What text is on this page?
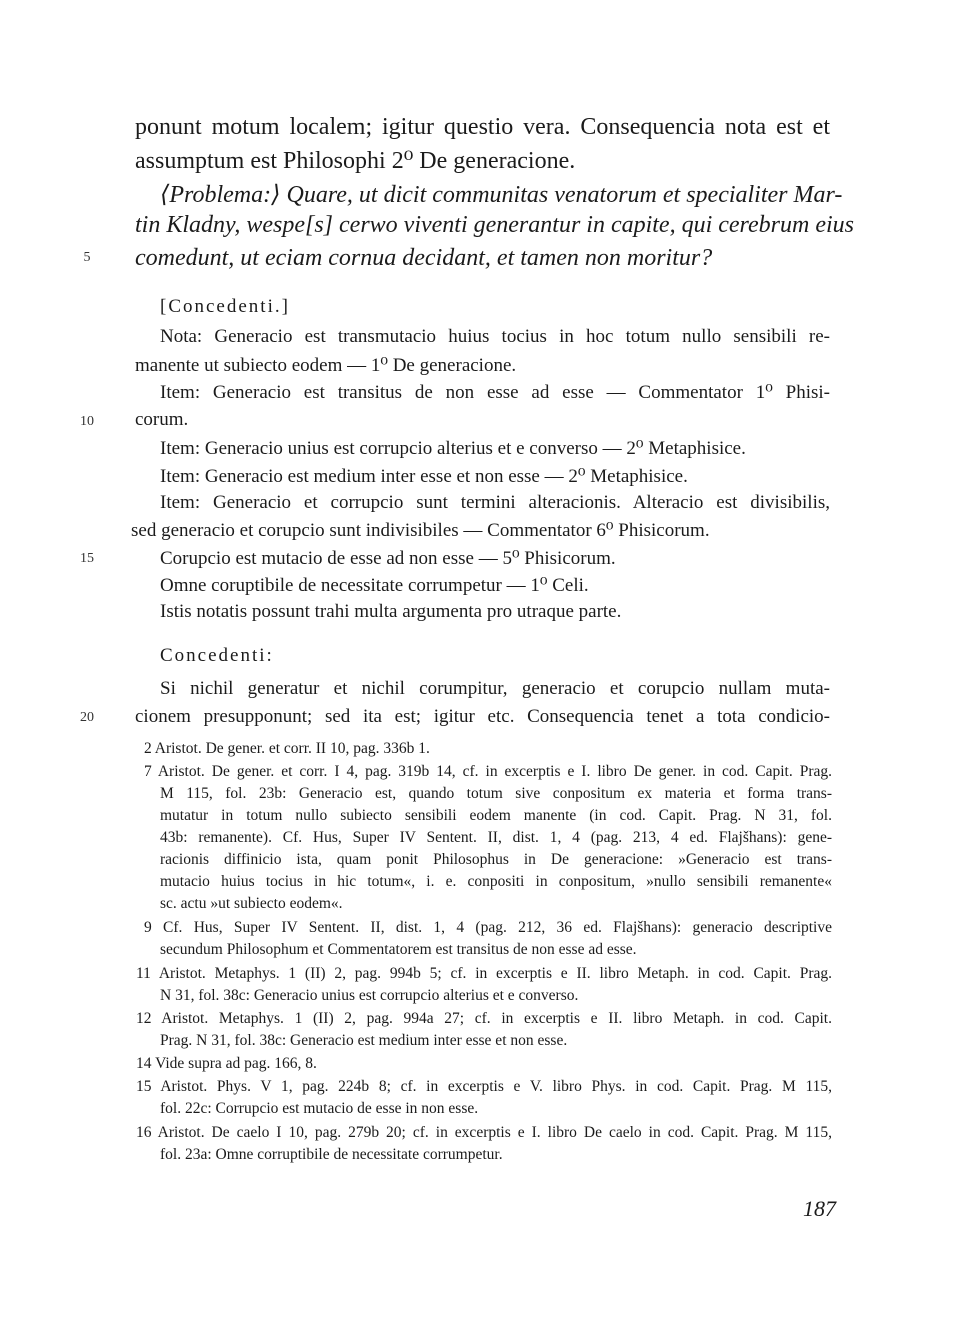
ponunt motum localem; igitur questio vera. Consequencia nota est et
assumptum est Philosophi 2⁰ De generacione.
⟨Problema:⟩ Quare, ut dicit communitas venatorum et specialiter Mar-
tin Kladny, wespe[s] cerwo viventi generantur in capite, qui cerebrum eius
comedunt, ut eciam cornua decidant, et tamen non moritur?
[Concedenti.]
Nota: Generacio est transmutacio huius tocius in hoc totum nullo sensibili re-
manente ut subiecto eodem — 1⁰ De generacione.
Item: Generacio est transitus de non esse ad esse — Commentator 1⁰ Phisi-
corum.
Item: Generacio unius est corrupcio alterius et e converso — 2⁰ Metaphisice.
Item: Generacio est medium inter esse et non esse — 2⁰ Metaphisice.
Item: Generacio et corrupcio sunt termini alteracionis. Alteracio est divisibilis,
sed generacio et corupcio sunt indivisibiles — Commentator 6⁰ Phisicorum.
Corupcio est mutacio de esse ad non esse — 5⁰ Phisicorum.
Omne coruptibile de necessitate corrumpetur — 1⁰ Celi.
Istis notatis possunt trahi multa argumenta pro utraque parte.
Concedenti:
Si nichil generatur et nichil corumpitur, generacio et corupcio nullam muta-
cionem presupponunt; sed ita est; igitur etc. Consequencia tenet a tota condicio-
5
10
15
20
2 Aristot. De gener. et corr. II 10, pag. 336b 1.
7 Aristot. De gener. et corr. I 4, pag. 319b 14, cf. in excerptis e I. libro De gener. in cod. Capit. Prag.
M 115, fol. 23b: Generacio est, quando totum sive conpositum ex materia et forma trans-
mutatur in totum nullo subiecto sensibili eodem manente (in cod. Capit. Prag. N 31, fol.
43b: remanente). Cf. Hus, Super IV Sentent. II, dist. 1, 4 (pag. 213, 4 ed. Flajšhans): gene-
racionis diffinicio ista, quam ponit Philosophus in De generacione: »Generacio est trans-
mutacio huius tocius in hic totum«, i. e. conpositi in conpositum, »nullo sensibili remanente«
sc. actu »ut subiecto eodem«.
9 Cf. Hus, Super IV Sentent. II, dist. 1, 4 (pag. 212, 36 ed. Flajšhans): generacio descriptive
secundum Philosophum et Commentatorem est transitus de non esse ad esse.
11 Aristot. Metaphys. 1 (II) 2, pag. 994b 5; cf. in excerptis e II. libro Metaph. in cod. Capit. Prag.
N 31, fol. 38c: Generacio unius est corrupcio alterius et e converso.
12 Aristot. Metaphys. 1 (II) 2, pag. 994a 27; cf. in excerptis e II. libro Metaph. in cod. Capit.
Prag. N 31, fol. 38c: Generacio est medium inter esse et non esse.
14 Vide supra ad pag. 166, 8.
15 Aristot. Phys. V 1, pag. 224b 8; cf. in excerptis e V. libro Phys. in cod. Capit. Prag. M 115,
fol. 22c: Corrupcio est mutacio de esse in non esse.
16 Aristot. De caelo I 10, pag. 279b 20; cf. in excerptis e I. libro De caelo in cod. Capit. Prag. M 115,
fol. 23a: Omne corruptibile de necessitate corrumpetur.
187
